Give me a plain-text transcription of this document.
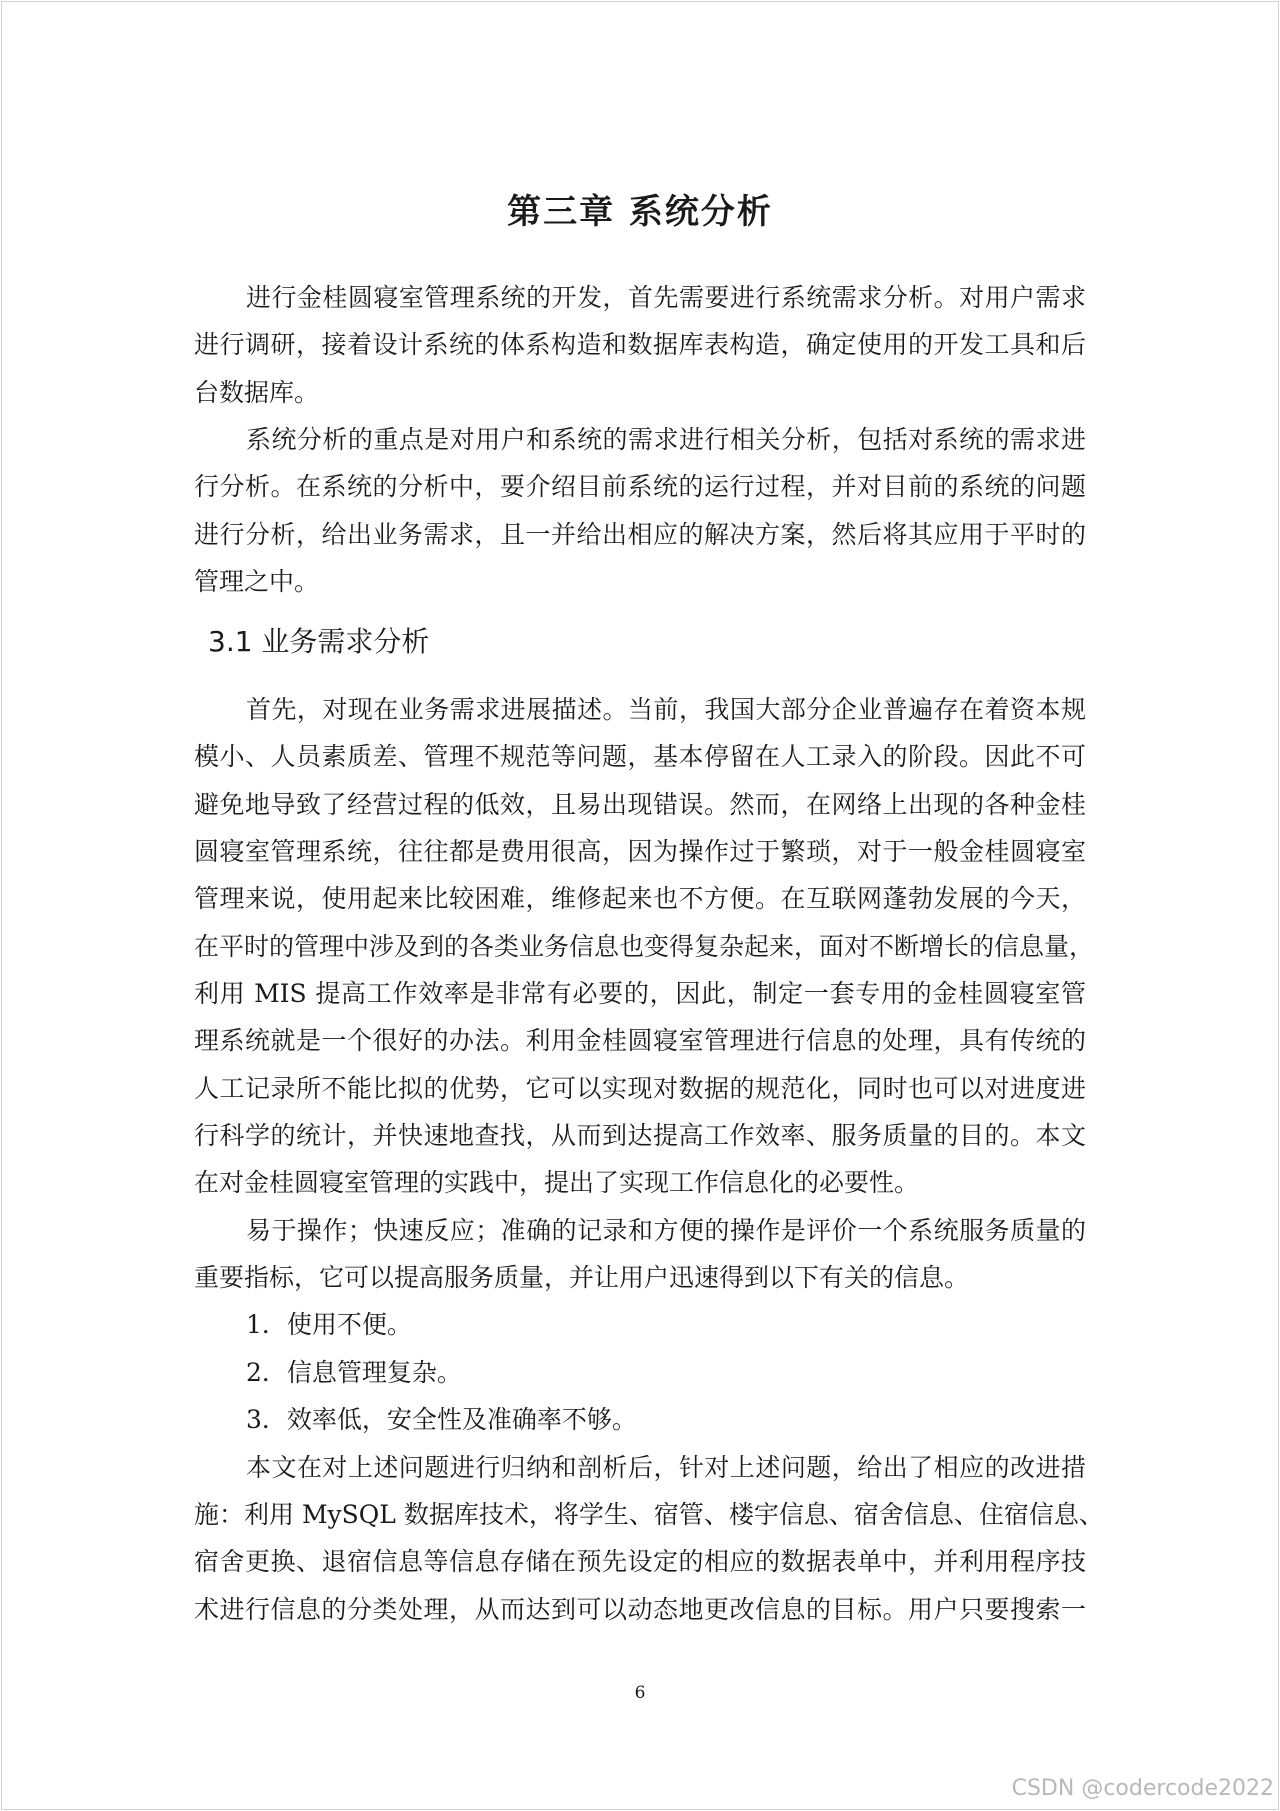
第三章 系统分析
进行金桂圆寝室管理系统的开发，首先需要进行系统需求分析。对用户需求
进行调研，接着设计系统的体系构造和数据库表构造，确定使用的开发工具和后
台数据库。
系统分析的重点是对用户和系统的需求进行相关分析，包括对系统的需求进
行分析。在系统的分析中，要介绍目前系统的运行过程，并对目前的系统的问题
进行分析，给出业务需求，且一并给出相应的解决方案，然后将其应用于平时的
管理之中。
3.1 业务需求分析
首先，对现在业务需求进展描述。当前，我国大部分企业普遍存在着资本规
模小、人员素质差、管理不规范等问题，基本停留在人工录入的阶段。因此不可
避免地导致了经营过程的低效，且易出现错误。然而，在网络上出现的各种金桂
圆寝室管理系统，往往都是费用很高，因为操作过于繁琐，对于一般金桂圆寝室
管理来说，使用起来比较困难，维修起来也不方便。在互联网蓬勃发展的今天，
在平时的管理中涉及到的各类业务信息也变得复杂起来，面对不断增长的信息量，
利用 MIS 提高工作效率是非常有必要的，因此，制定一套专用的金桂圆寝室管
理系统就是一个很好的办法。利用金桂圆寝室管理进行信息的处理，具有传统的
人工记录所不能比拟的优势，它可以实现对数据的规范化，同时也可以对进度进
行科学的统计，并快速地查找，从而到达提高工作效率、服务质量的目的。本文
在对金桂圆寝室管理的实践中，提出了实现工作信息化的必要性。
易于操作；快速反应；准确的记录和方便的操作是评价一个系统服务质量的
重要指标，它可以提高服务质量，并让用户迅速得到以下有关的信息。
1．使用不便。
2．信息管理复杂。
3．效率低，安全性及准确率不够。
本文在对上述问题进行归纳和剖析后，针对上述问题，给出了相应的改进措
施：利用 MySQL 数据库技术，将学生、宿管、楼宇信息、宿舍信息、住宿信息、
宿舍更换、退宿信息等信息存储在预先设定的相应的数据表单中，并利用程序技
术进行信息的分类处理，从而达到可以动态地更改信息的目标。用户只要搜索一
6
CSDN @codercode2022
